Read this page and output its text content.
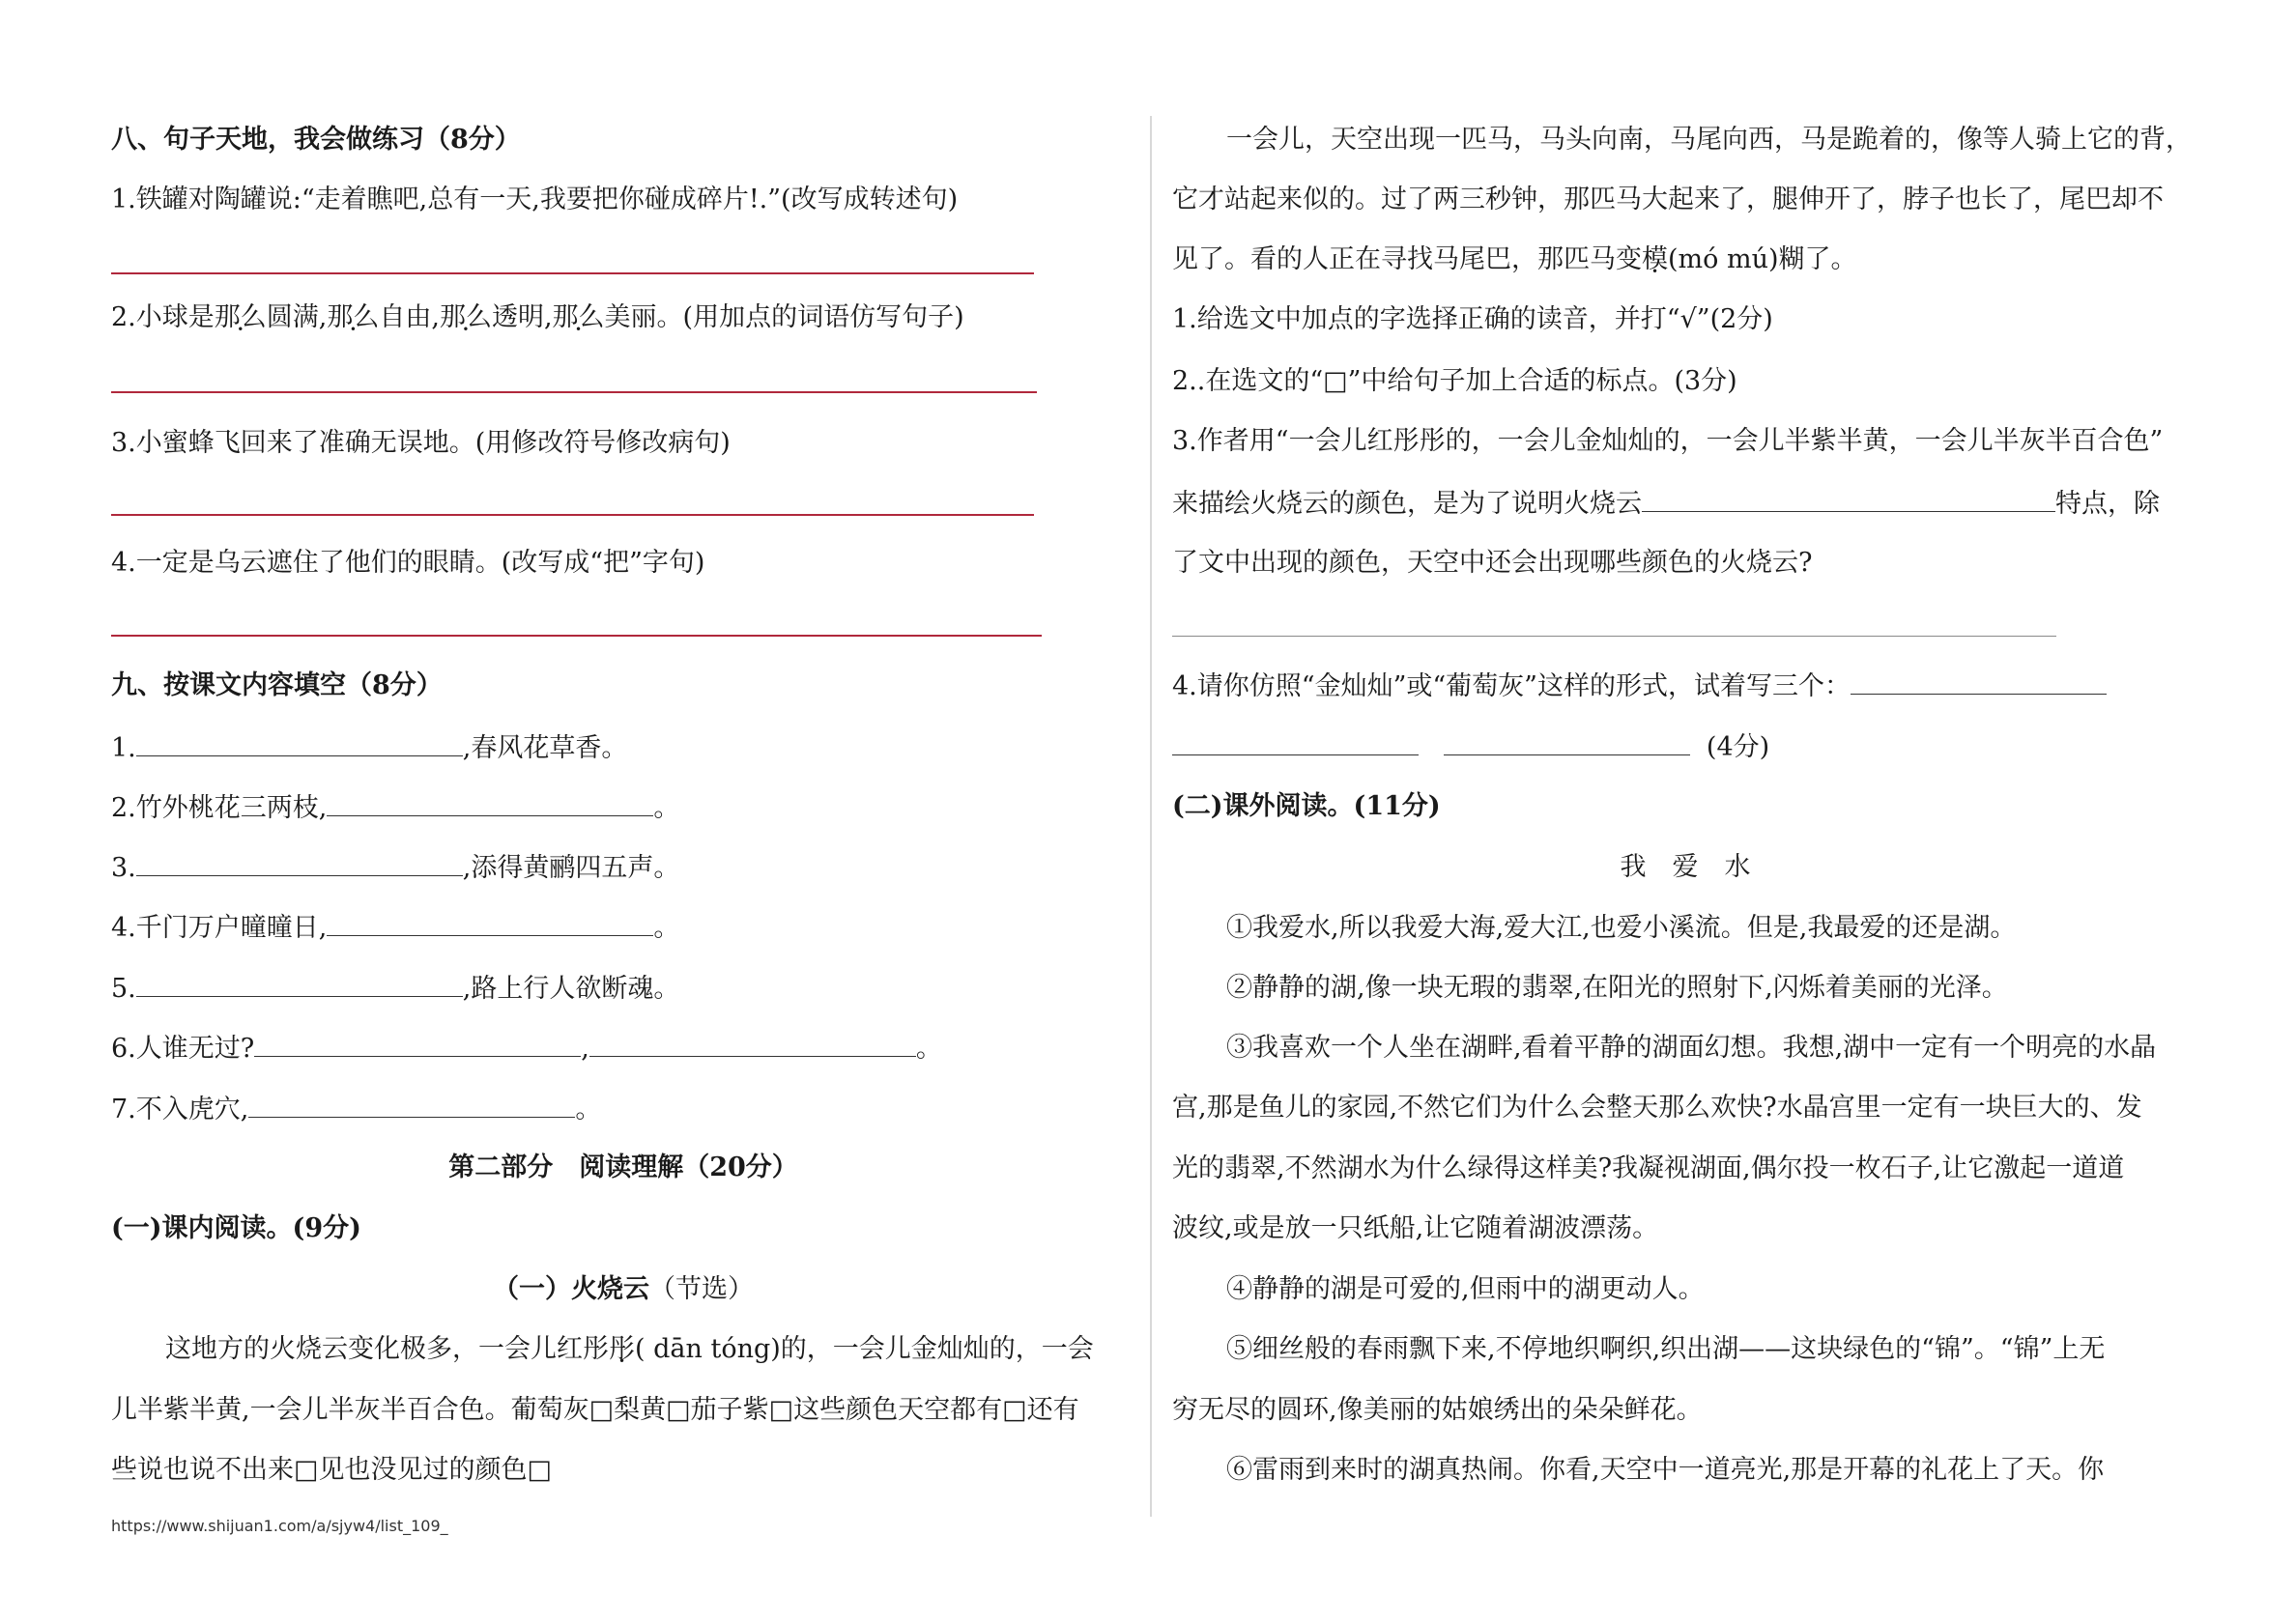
八、句子天地，我会做练习（8分）
1.铁罐对陶罐说:“走着瞧吧,总有一天,我要把你碰成碎片!.”(改写成转述句)
2.小球是那么圆满,那么自由,那么透明,那么美丽。(用加点的词语仿写句子)
3.小蜜蜂飞回来了准确无误地。(用修改符号修改病句)
4.一定是乌云遮住了他们的眼睛。(改写成“把”字句)
九、按课文内容填空（8分）
1.	,春风花草香。
2.竹外桃花三两枝,	。
3.	,添得黄鹂四五声。
4.千门万户曈曈日,	。
5.	,路上行人欲断魂。
6.人谁无过?	,	。
7.不入虎穴,	。
第二部分　阅读理解（20分）
(一)课内阅读。(9分)
（一）火烧云（节选）
这地方的火烧云变化极多，一会儿红彤彤( dān tóng)的，一会儿金灿灿的，一会
儿半紫半黄,一会儿半灰半百合色。葡萄灰□梨黄□茄子紫□这些颜色天空都有□还有
些说也说不出来□见也没见过的颜色□
https://www.shijuan1.com/a/sjyw4/list_109_
一会儿，天空出现一匹马，马头向南，马尾向西，马是跪着的，像等人骑上它的背，
它才站起来似的。过了两三秒钟，那匹马大起来了，腿伸开了，脖子也长了，尾巴却不
见了。看的人正在寻找马尾巴，那匹马变模(mó mú)糊了。
1.给选文中加点的字选择正确的读音，并打“√”(2分)
2..在选文的“□”中给句子加上合适的标点。(3分)
3.作者用“一会儿红彤彤的，一会儿金灿灿的，一会儿半紫半黄，一会儿半灰半百合色”
来描绘火烧云的颜色，是为了说明火烧云	特点，除
了文中出现的颜色，天空中还会出现哪些颜色的火烧云?
4.请你仿照“金灿灿”或“葡萄灰”这样的形式，试着写三个：
(4分)
(二)课外阅读。(11分)
我　爱　水
①我爱水,所以我爱大海,爱大江,也爱小溪流。但是,我最爱的还是湖。
②静静的湖,像一块无瑕的翡翠,在阳光的照射下,闪烁着美丽的光泽。
③我喜欢一个人坐在湖畔,看着平静的湖面幻想。我想,湖中一定有一个明亮的水晶
宫,那是鱼儿的家园,不然它们为什么会整天那么欢快?水晶宫里一定有一块巨大的、发
光的翡翠,不然湖水为什么绿得这样美?我凝视湖面,偶尔投一枚石子,让它激起一道道
波纹,或是放一只纸船,让它随着湖波漂荡。
④静静的湖是可爱的,但雨中的湖更动人。
⑤细丝般的春雨飘下来,不停地织啊织,织出湖——这块绿色的“锦”。“锦”上无
穷无尽的圆环,像美丽的姑娘绣出的朵朵鲜花。
⑥雷雨到来时的湖真热闹。你看,天空中一道亮光,那是开幕的礼花上了天。你
